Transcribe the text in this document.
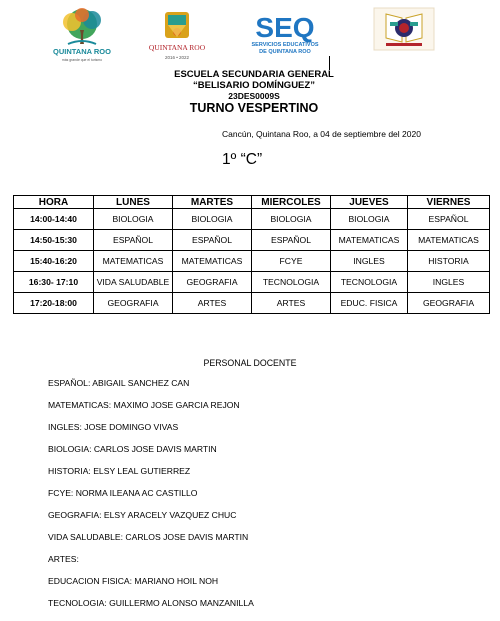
QUINTANA ROO
más grande que el turismo
QUINTANA ROO
2016 • 2022
SEQ
SERVICIOS EDUCATIVOS
DE QUINTANA ROO
ESCUELA SECUNDARIA GENERAL
“BELISARIO DOMÍNGUEZ”
23DES0009S
TURNO VESPERTINO
Cancún, Quintana Roo, a 04 de septiembre del 2020
1º “C”
HORA	LUNES	MARTES	MIERCOLES	JUEVES	VIERNES
14:00-14:40	BIOLOGIA	BIOLOGIA	BIOLOGIA	BIOLOGIA	ESPAÑOL
14:50-15:30	ESPAÑOL	ESPAÑOL	ESPAÑOL	MATEMATICAS	MATEMATICAS
15:40-16:20	MATEMATICAS	MATEMATICAS	FCYE	INGLES	HISTORIA
16:30- 17:10	VIDA SALUDABLE	GEOGRAFIA	TECNOLOGIA	TECNOLOGIA	INGLES
17:20-18:00	GEOGRAFIA	ARTES	ARTES	EDUC. FISICA	GEOGRAFIA
PERSONAL DOCENTE
ESPAÑOL: ABIGAIL SANCHEZ CAN
MATEMATICAS: MAXIMO JOSE GARCIA REJON
INGLES: JOSE DOMINGO VIVAS
BIOLOGIA: CARLOS JOSE DAVIS MARTIN
HISTORIA: ELSY LEAL GUTIERREZ
FCYE: NORMA ILEANA AC CASTILLO
GEOGRAFIA: ELSY ARACELY VAZQUEZ CHUC
VIDA SALUDABLE: CARLOS JOSE DAVIS MARTIN
ARTES:
EDUCACION FISICA: MARIANO HOIL NOH
TECNOLOGIA: GUILLERMO ALONSO MANZANILLA
